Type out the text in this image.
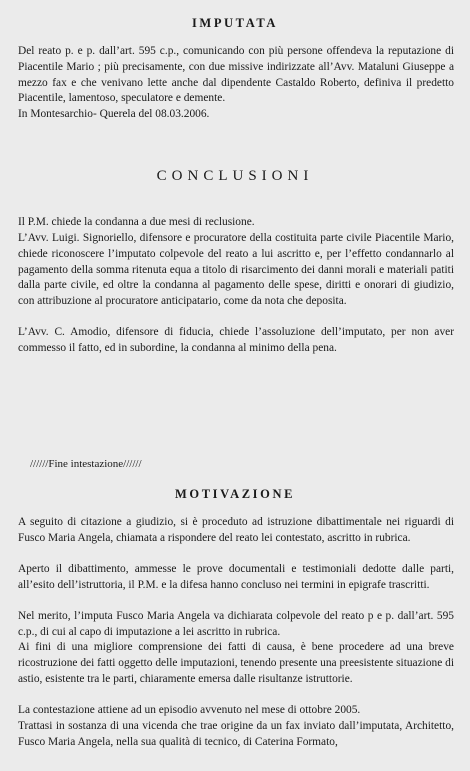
IMPUTATA
Del reato p. e p. dall’art. 595 c.p., comunicando con più persone offendeva la reputazione di Piacentile Mario ; più precisamente, con due missive indirizzate all’Avv. Mataluni Giuseppe a mezzo fax e che venivano lette anche dal dipendente Castaldo Roberto, definiva il predetto Piacentile, lamentoso, speculatore e demente.
In Montesarchio- Querela del 08.03.2006.
CONCLUSIONI
Il P.M. chiede la condanna a due mesi di reclusione.
L’Avv. Luigi. Signoriello, difensore e procuratore della costituita parte civile Piacentile Mario, chiede riconoscere l’imputato colpevole del reato a lui ascritto e, per l’effetto condannarlo al pagamento della somma ritenuta equa a titolo di risarcimento dei danni morali e materiali patiti dalla parte civile, ed oltre la condanna al pagamento delle spese, diritti e onorari di giudizio, con attribuzione al procuratore anticipatario, come da nota che deposita.
L’Avv. C. Amodio, difensore di fiducia, chiede l’assoluzione dell’imputato, per non aver commesso il fatto, ed in subordine, la condanna al minimo della pena.
//////Fine intestazione//////
MOTIVAZIONE
A seguito di citazione a giudizio, si è proceduto ad istruzione dibattimentale nei riguardi di Fusco Maria Angela, chiamata a rispondere del reato lei contestato, ascritto in rubrica.
Aperto il dibattimento, ammesse le prove documentali e testimoniali dedotte dalle parti, all’esito dell’istruttoria, il P.M. e la difesa hanno concluso nei termini in epigrafe trascritti.
Nel merito, l’imputa Fusco Maria Angela va dichiarata colpevole del reato p e p. dall’art. 595 c.p., di cui al capo di imputazione a lei ascritto in rubrica.
Ai fini di una migliore comprensione dei fatti di causa, è bene procedere ad una breve ricostruzione dei fatti oggetto delle imputazioni, tenendo presente una preesistente situazione di astio, esistente tra le parti, chiaramente emersa dalle risultanze istruttorie.
La contestazione attiene ad un episodio avvenuto nel mese di ottobre 2005.
Trattasi in sostanza di una vicenda che trae origine da un fax inviato dall’imputata, Architetto, Fusco Maria Angela, nella sua qualità di tecnico, di Caterina Formato,
